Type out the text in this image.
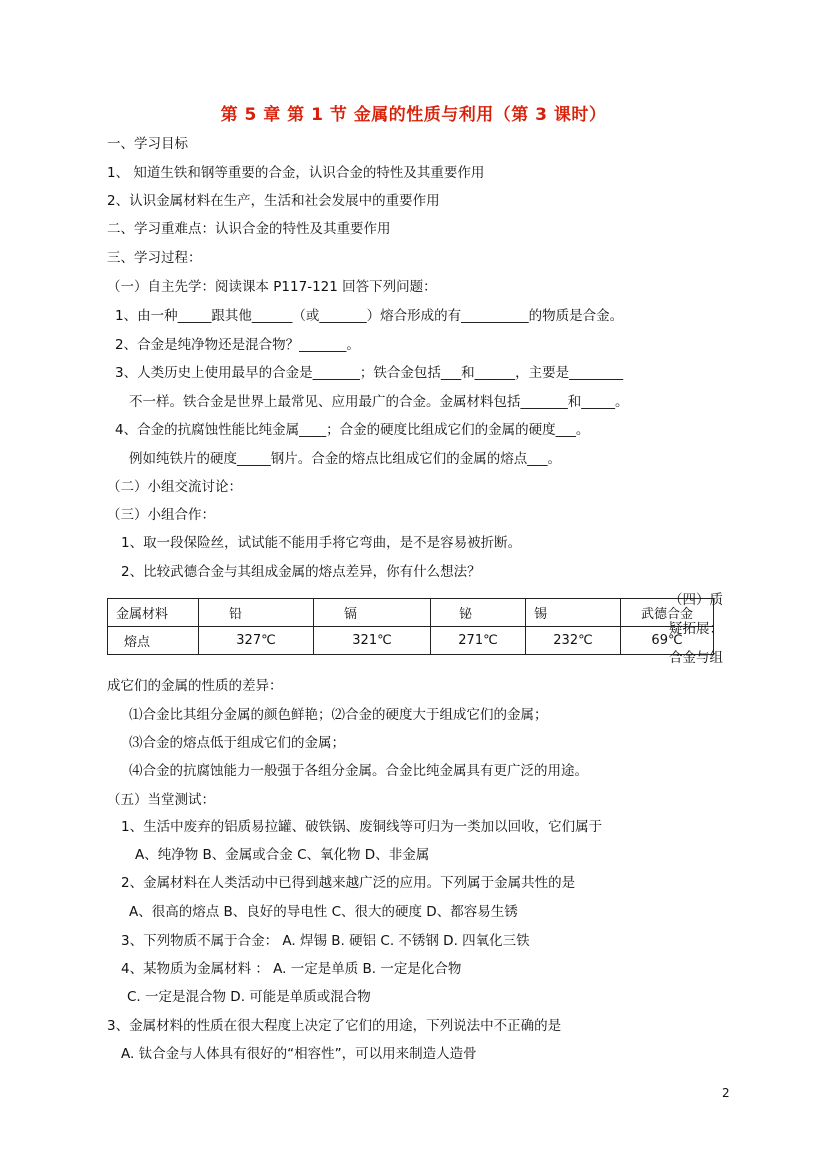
第 5 章 第 1 节 金属的性质与利用（第 3 课时）
一、学习目标
1、 知道生铁和钢等重要的合金，认识合金的特性及其重要作用
2、认识金属材料在生产，生活和社会发展中的重要作用
二、学习重难点：认识合金的特性及其重要作用
三、学习过程：
（一）自主先学：阅读课本 P117-121 回答下列问题：
1、由一种_____跟其他______（或_______）熔合形成的有__________的物质是合金。
2、合金是纯净物还是混合物？_______。
3、人类历史上使用最早的合金是_______；铁合金包括___和______，主要是________
不一样。铁合金是世界上最常见、应用最广的合金。金属材料包括_______和_____。
4、合金的抗腐蚀性能比纯金属____；合金的硬度比组成它们的金属的硬度___。
例如纯铁片的硬度_____钢片。合金的熔点比组成它们的金属的熔点___。
（二）小组交流讨论：
（三）小组合作：
1、取一段保险丝，试试能不能用手将它弯曲，是不是容易被折断。
2、比较武德合金与其组成金属的熔点差异，你有什么想法？
金属材料	铅	镉	铋	锡	武德合金
熔点	327℃	321℃	271℃	232℃	69℃
（四）质
疑拓展：
合金与组
成它们的金属的性质的差异：
⑴合金比其组分金属的颜色鲜艳；⑵合金的硬度大于组成它们的金属；
⑶合金的熔点低于组成它们的金属；
⑷合金的抗腐蚀能力一般强于各组分金属。合金比纯金属具有更广泛的用途。
（五）当堂测试：
1、生活中废弃的铝质易拉罐、破铁锅、废铜线等可归为一类加以回收，它们属于
A、纯净物 B、金属或合金 C、氧化物 D、非金属
2、金属材料在人类活动中已得到越来越广泛的应用。下列属于金属共性的是
A、很高的熔点 B、良好的导电性 C、很大的硬度 D、都容易生锈
3、下列物质不属于合金： A. 焊锡 B. 硬铝 C. 不锈钢 D. 四氧化三铁
4、某物质为金属材料 ： A. 一定是单质 B. 一定是化合物
C. 一定是混合物 D. 可能是单质或混合物
3、金属材料的性质在很大程度上决定了它们的用途，下列说法中不正确的是
A. 钛合金与人体具有很好的“相容性”，可以用来制造人造骨
2
